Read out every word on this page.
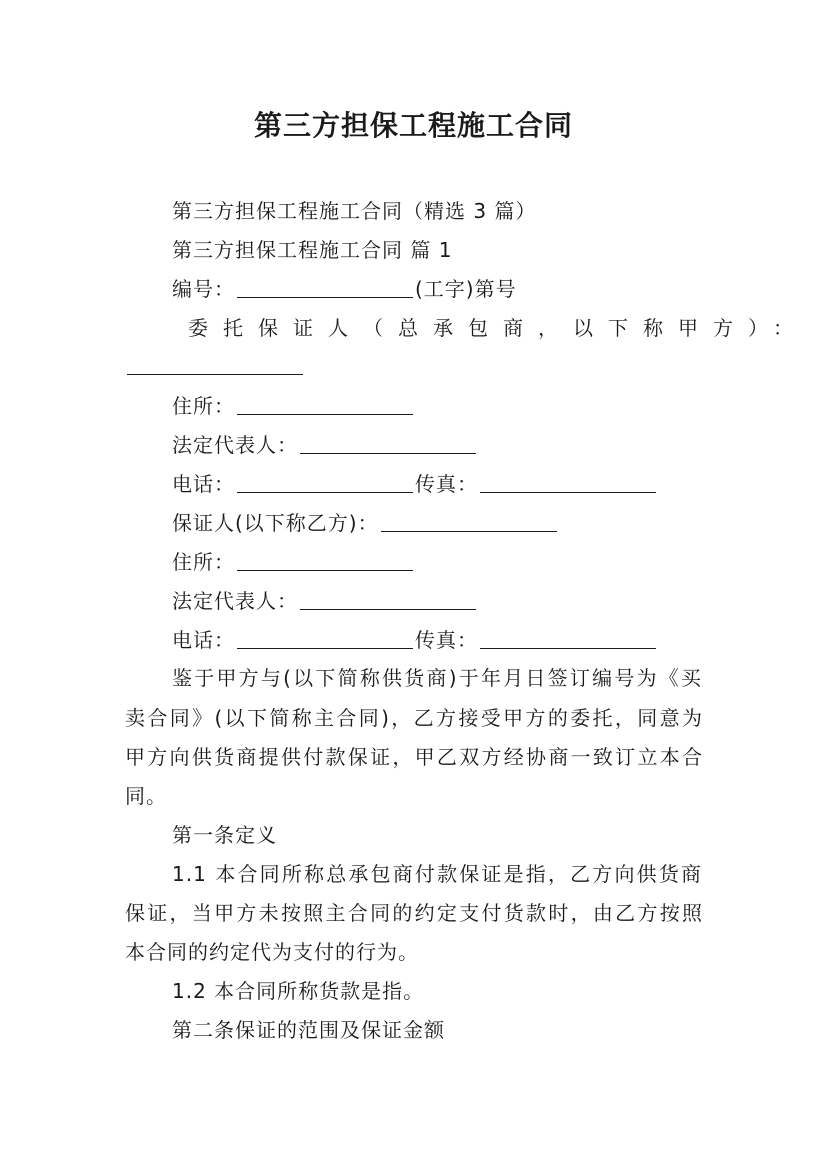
第三方担保工程施工合同
第三方担保工程施工合同（精选 3 篇）
第三方担保工程施工合同 篇 1
编号：	(工字)第号
委托保证人（总承包商，以下称甲方）：
住所：
法定代表人：
电话：	传真：
保证人(以下称乙方)：
住所：
法定代表人：
电话：	传真：
鉴于甲方与(以下简称供货商)于年月日签订编号为《买
卖合同》(以下简称主合同)，乙方接受甲方的委托，同意为
甲方向供货商提供付款保证，甲乙双方经协商一致订立本合
同。
第一条定义
1.1 本合同所称总承包商付款保证是指，乙方向供货商
保证，当甲方未按照主合同的约定支付货款时，由乙方按照
本合同的约定代为支付的行为。
1.2 本合同所称货款是指。
第二条保证的范围及保证金额
